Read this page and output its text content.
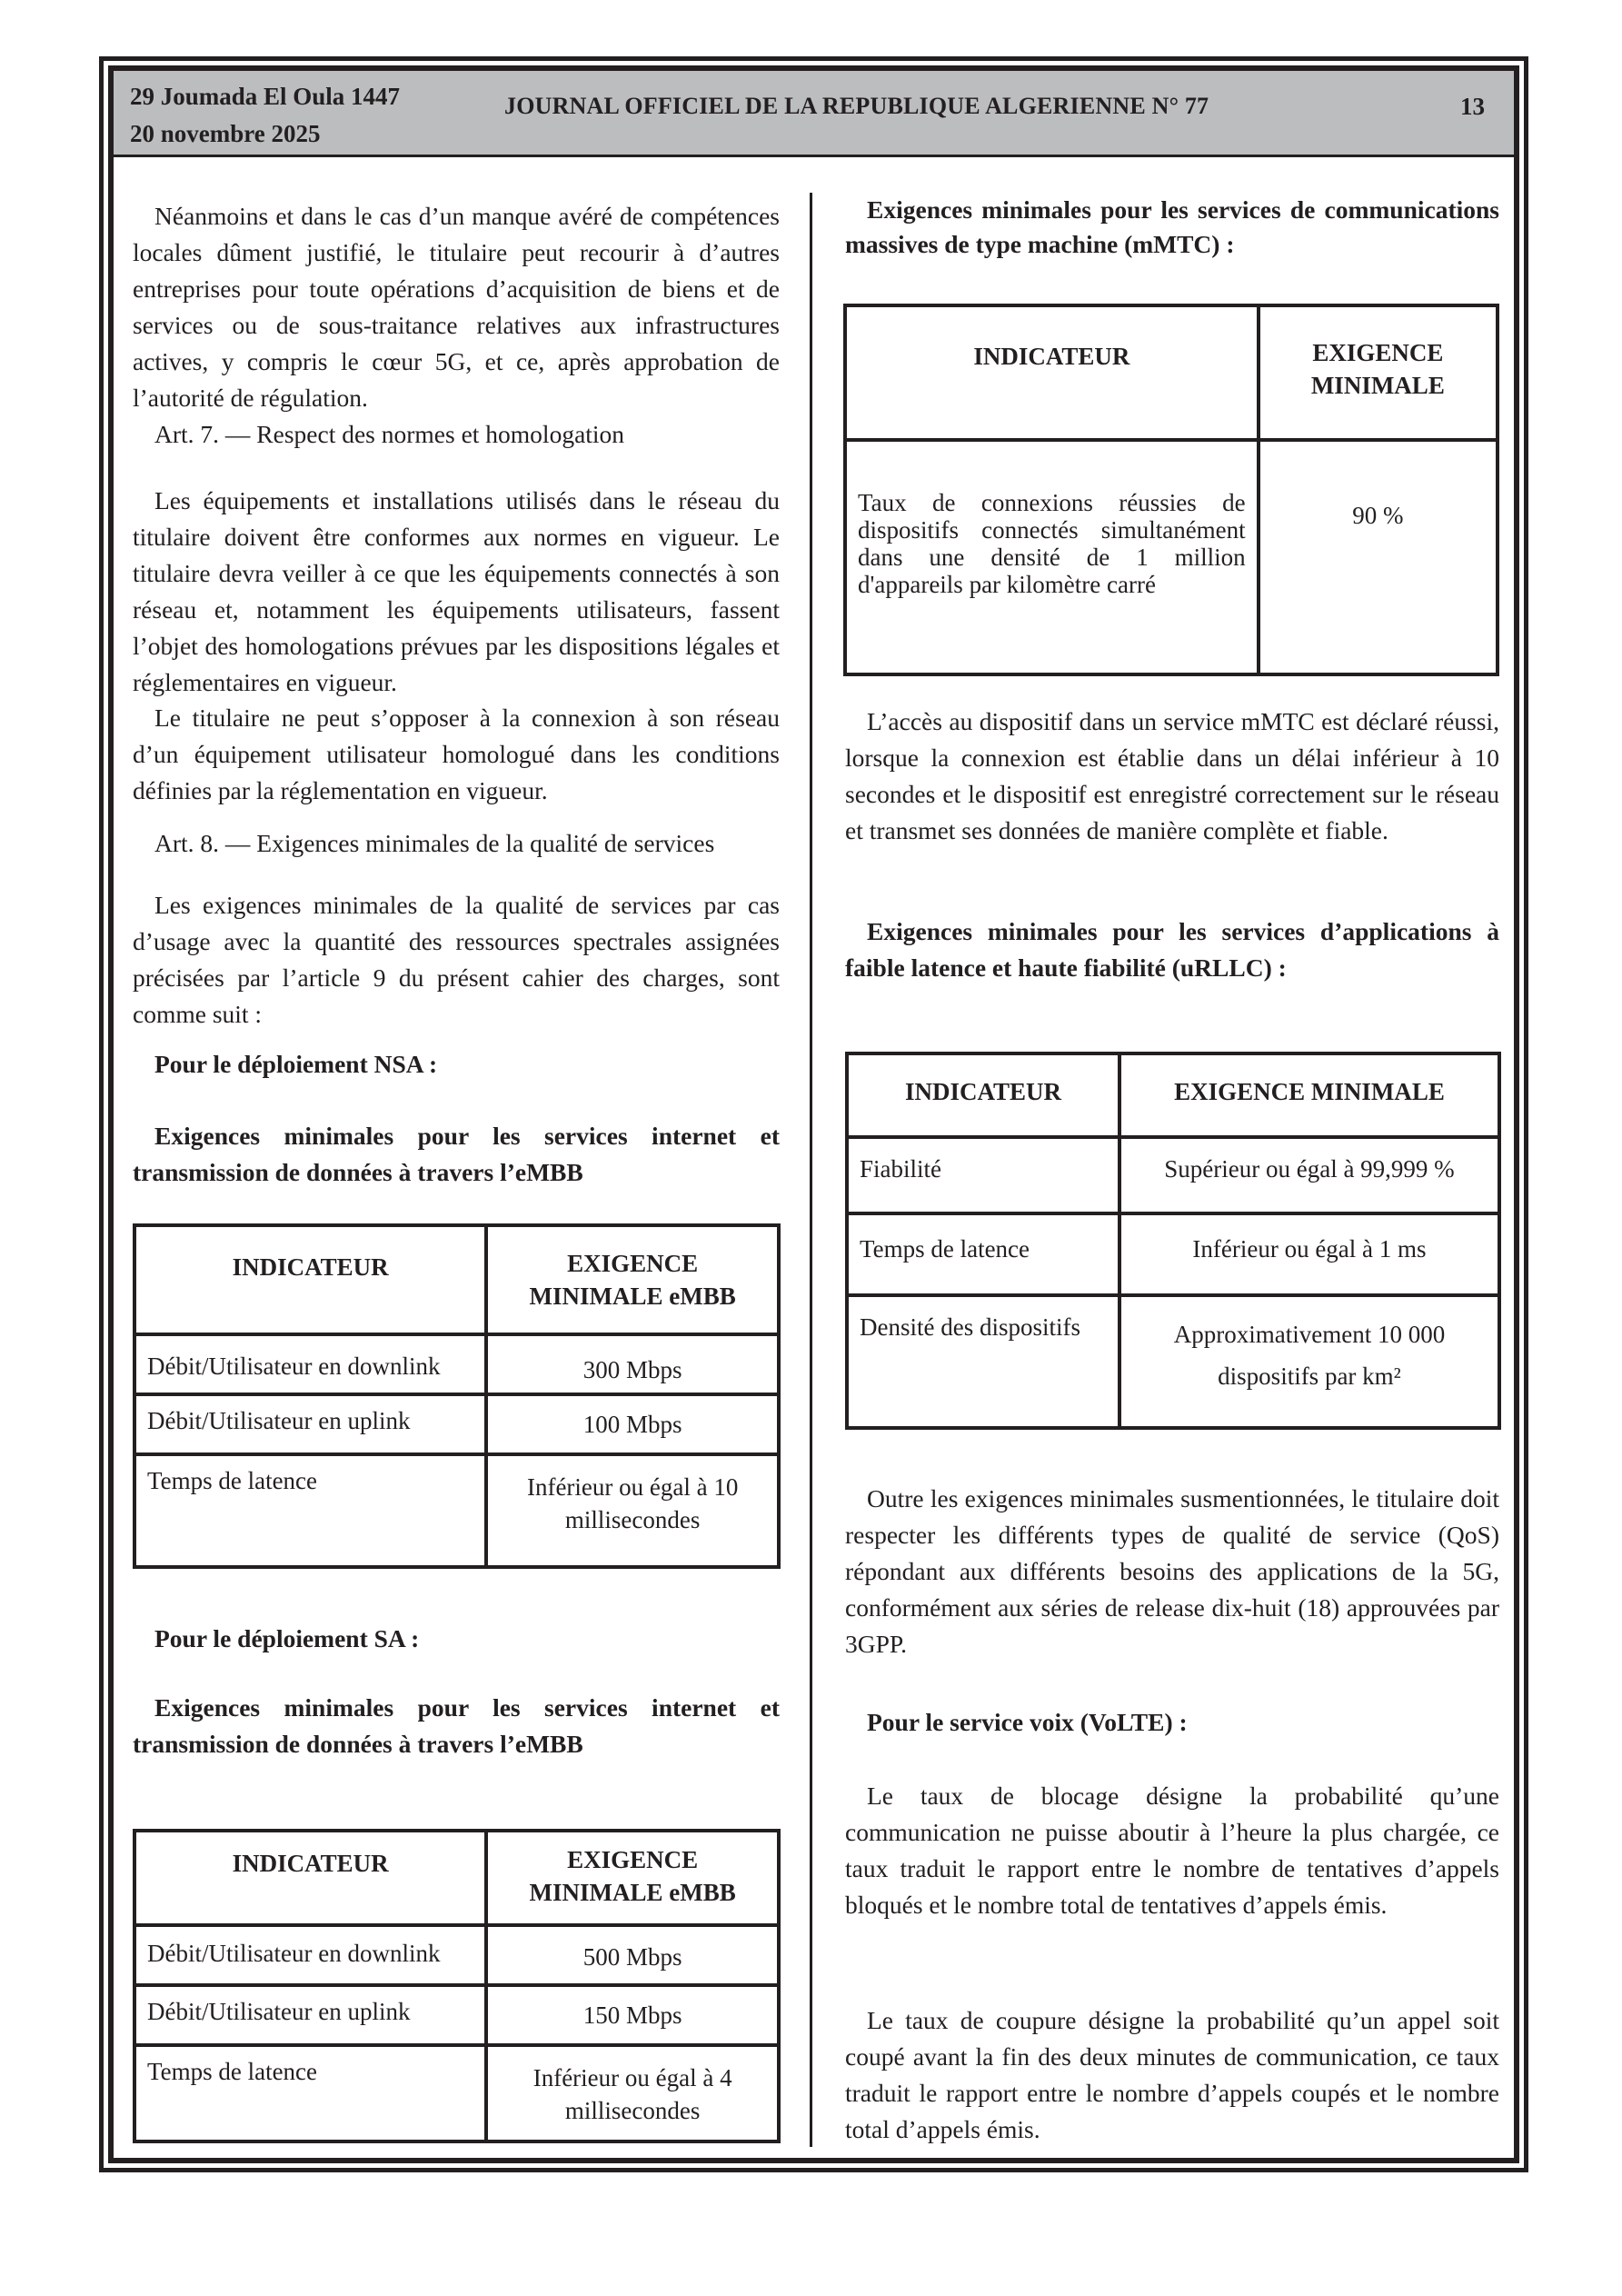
29 Joumada El Oula 1447
20 novembre 2025
JOURNAL OFFICIEL DE LA REPUBLIQUE ALGERIENNE N° 77	13

Néanmoins et dans le cas d’un manque avéré de compétences locales dûment justifié, le titulaire peut recourir à d’autres entreprises pour toute opérations d’acquisition de biens et de services ou de sous-traitance relatives aux infrastructures actives, y compris le cœur 5G, et ce, après approbation de l’autorité de régulation.

Art. 7. — Respect des normes et homologation

Les équipements et installations utilisés dans le réseau du titulaire doivent être conformes aux normes en vigueur. Le titulaire devra veiller à ce que les équipements connectés à son réseau et, notamment les équipements utilisateurs, fassent l’objet des homologations prévues par les dispositions légales et réglementaires en vigueur.

Le titulaire ne peut s’opposer à la connexion à son réseau d’un équipement utilisateur homologué dans les conditions définies par la réglementation en vigueur.

Art. 8. — Exigences minimales de la qualité de services

Les exigences minimales de la qualité de services par cas d’usage avec la quantité des ressources spectrales assignées précisées par l’article 9 du présent cahier des charges, sont comme suit :

Pour le déploiement NSA :

Exigences minimales pour les services internet et transmission de données à travers l’eMBB

INDICATEUR	EXIGENCE MINIMALE eMBB
Débit/Utilisateur en downlink	300 Mbps
Débit/Utilisateur en uplink	100 Mbps
Temps de latence	Inférieur ou égal à 10 millisecondes

Pour le déploiement SA :

Exigences minimales pour les services internet et transmission de données à travers l’eMBB

INDICATEUR	EXIGENCE MINIMALE eMBB
Débit/Utilisateur en downlink	500 Mbps
Débit/Utilisateur en uplink	150 Mbps
Temps de latence	Inférieur ou égal à 4 millisecondes

Exigences minimales pour les services de communications massives de type machine (mMTC) :

INDICATEUR	EXIGENCE MINIMALE
Taux de connexions réussies de dispositifs connectés simultanément dans une densité de 1 million d'appareils par kilomètre carré	90 %

L’accès au dispositif dans un service mMTC est déclaré réussi, lorsque la connexion est établie dans un délai inférieur à 10 secondes et le dispositif est enregistré correctement sur le réseau et transmet ses données de manière complète et fiable.

Exigences minimales pour les services d’applications à faible latence et haute fiabilité (uRLLC) :

INDICATEUR	EXIGENCE MINIMALE
Fiabilité	Supérieur ou égal à 99,999 %
Temps de latence	Inférieur ou égal à 1 ms
Densité des dispositifs	Approximativement 10 000 dispositifs par km²

Outre les exigences minimales susmentionnées, le titulaire doit respecter les différents types de qualité de service (QoS) répondant aux différents besoins des applications de la 5G, conformément aux séries de release dix-huit (18) approuvées par 3GPP.

Pour le service voix (VoLTE) :

Le taux de blocage désigne la probabilité qu’une communication ne puisse aboutir à l’heure la plus chargée, ce taux traduit le rapport entre le nombre de tentatives d’appels bloqués et le nombre total de tentatives d’appels émis.

Le taux de coupure désigne la probabilité qu’un appel soit coupé avant la fin des deux minutes de communication, ce taux traduit le rapport entre le nombre d’appels coupés et le nombre total d’appels émis.
